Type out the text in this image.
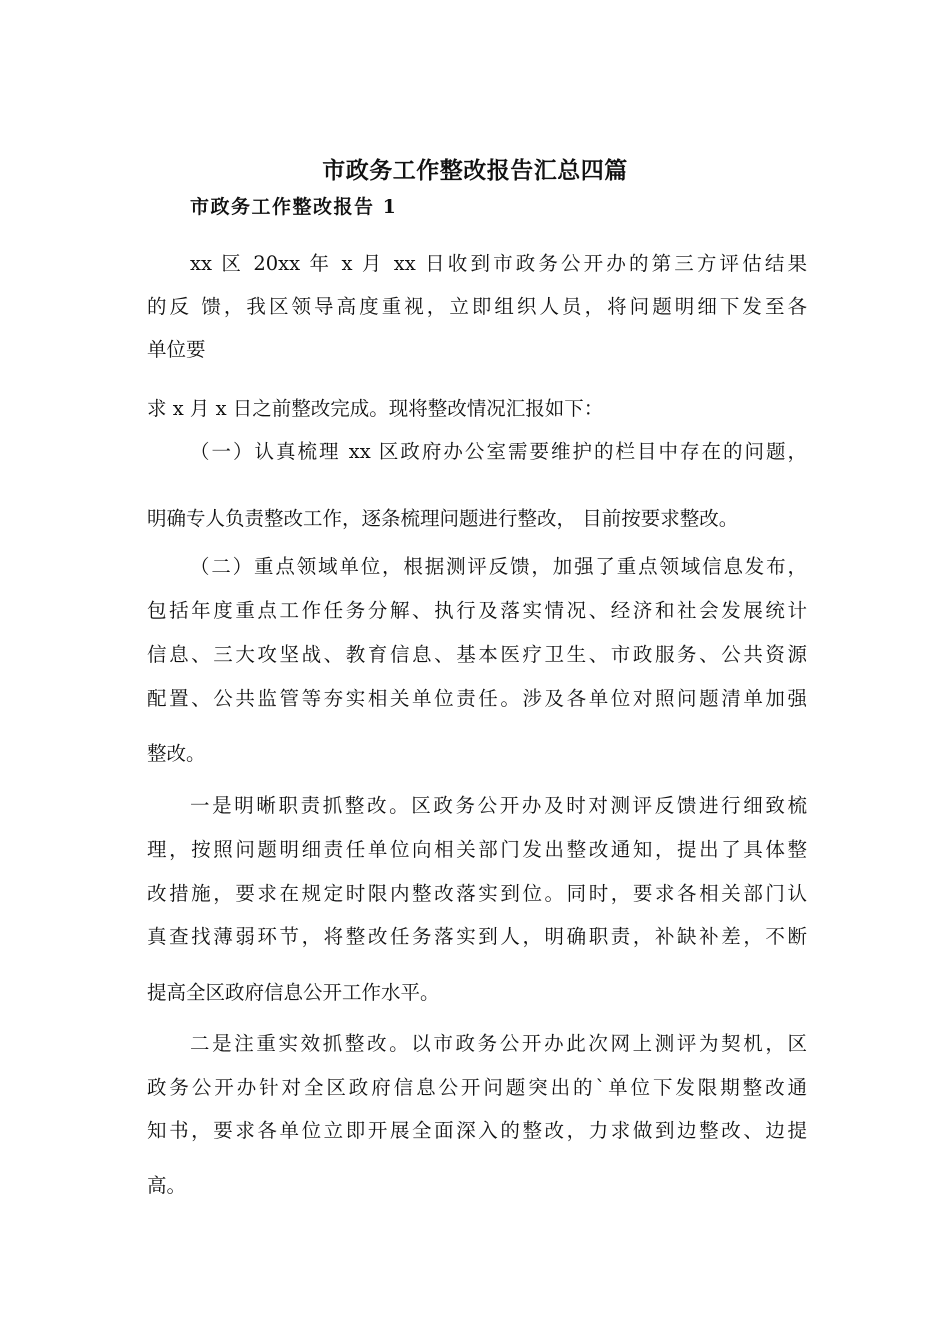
市政务工作整改报告汇总四篇
市政务工作整改报告 1
xx 区 20xx 年 x 月 xx 日收到市政务公开办的第三方评估结果
的反 馈，我区领导高度重视，立即组织人员，将问题明细下发至各
单位要
求 x 月 x 日之前整改完成。现将整改情况汇报如下：
（一）认真梳理 xx 区政府办公室需要维护的栏目中存在的问题，
明确专人负责整改工作，逐条梳理问题进行整改， 目前按要求整改。
（二）重点领域单位，根据测评反馈，加强了重点领域信息发布，
包括年度重点工作任务分解、执行及落实情况、经济和社会发展统计
信息、三大攻坚战、教育信息、基本医疗卫生、市政服务、公共资源
配置、公共监管等夯实相关单位责任。涉及各单位对照问题清单加强
整改。
一是明晰职责抓整改。区政务公开办及时对测评反馈进行细致梳
理，按照问题明细责任单位向相关部门发出整改通知，提出了具体整
改措施，要求在规定时限内整改落实到位。同时，要求各相关部门认
真查找薄弱环节，将整改任务落实到人，明确职责，补缺补差，不断
提高全区政府信息公开工作水平。
二是注重实效抓整改。以市政务公开办此次网上测评为契机，区
政务公开办针对全区政府信息公开问题突出的`单位下发限期整改通
知书，要求各单位立即开展全面深入的整改，力求做到边整改、边提
高。
